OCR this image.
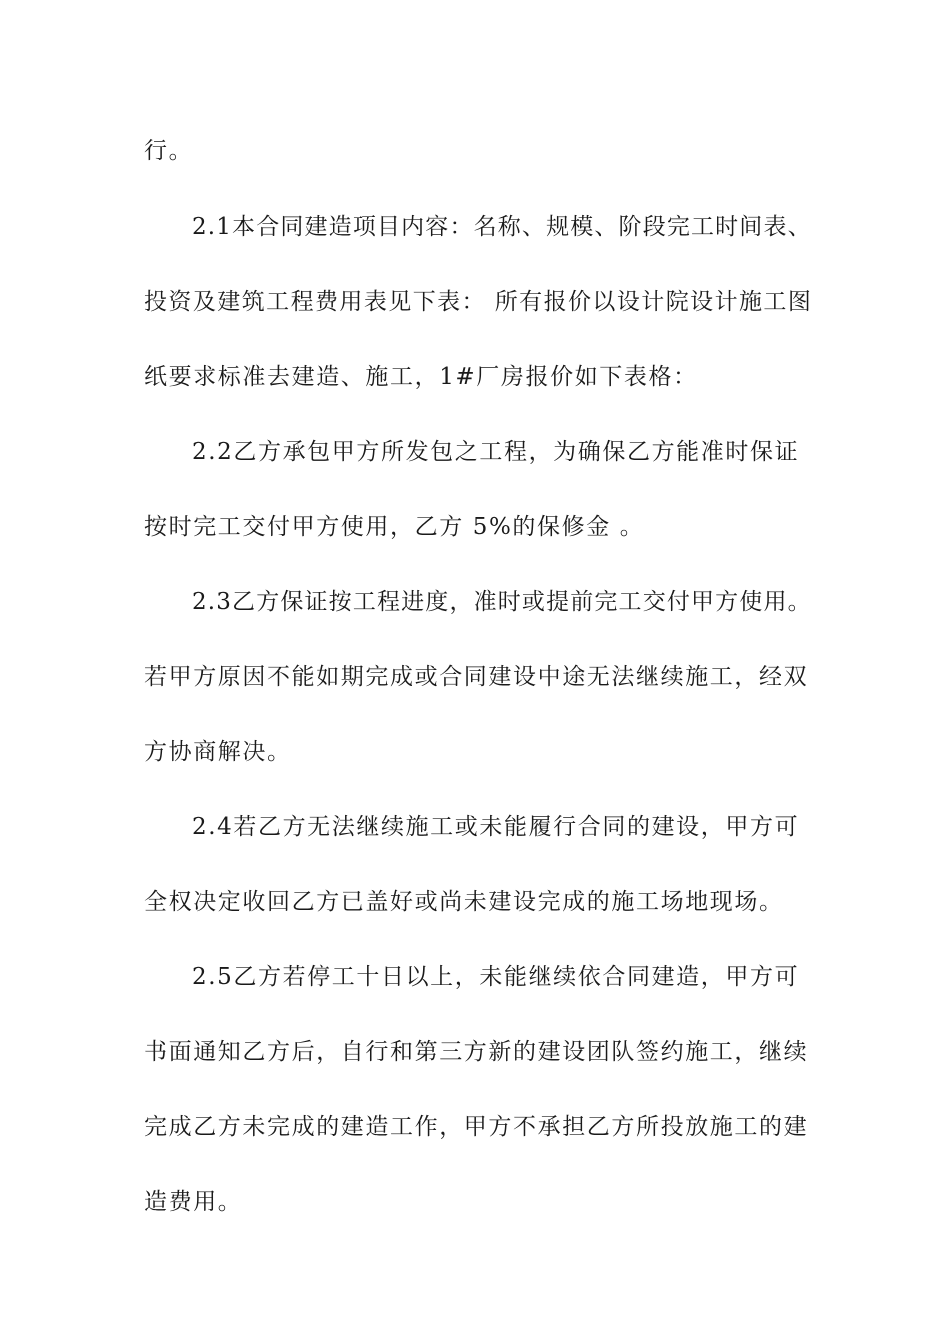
行。
2.1本合同建造项目内容：名称、规模、阶段完工时间表、
投资及建筑工程费用表见下表： 所有报价以设计院设计施工图
纸要求标准去建造、施工，1#厂房报价如下表格：
2.2乙方承包甲方所发包之工程，为确保乙方能准时保证
按时完工交付甲方使用，乙方 5%的保修金 。
2.3乙方保证按工程进度，准时或提前完工交付甲方使用。
若甲方原因不能如期完成或合同建设中途无法继续施工，经双
方协商解决。
2.4若乙方无法继续施工或未能履行合同的建设，甲方可
全权决定收回乙方已盖好或尚未建设完成的施工场地现场。
2.5乙方若停工十日以上，未能继续依合同建造，甲方可
书面通知乙方后，自行和第三方新的建设团队签约施工，继续
完成乙方未完成的建造工作，甲方不承担乙方所投放施工的建
造费用。
